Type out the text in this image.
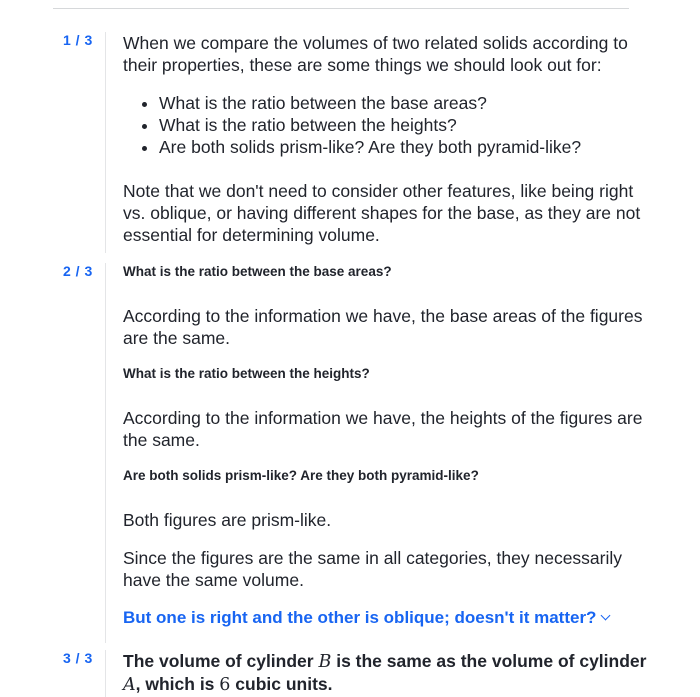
1 / 3 When we compare the volumes of two related solids according to their properties, these are some things we should look out for:

• What is the ratio between the base areas?
• What is the ratio between the heights?
• Are both solids prism-like? Are they both pyramid-like?

Note that we don't need to consider other features, like being right vs. oblique, or having different shapes for the base, as they are not essential for determining volume.

2 / 3 What is the ratio between the base areas?

According to the information we have, the base areas of the figures are the same.

What is the ratio between the heights?

According to the information we have, the heights of the figures are the same.

Are both solids prism-like? Are they both pyramid-like?

Both figures are prism-like.

Since the figures are the same in all categories, they necessarily have the same volume.

But one is right and the other is oblique; doesn't it matter?
3 / 3 The volume of cylinder B is the same as the volume of cylinder A, which is 6 cubic units.
